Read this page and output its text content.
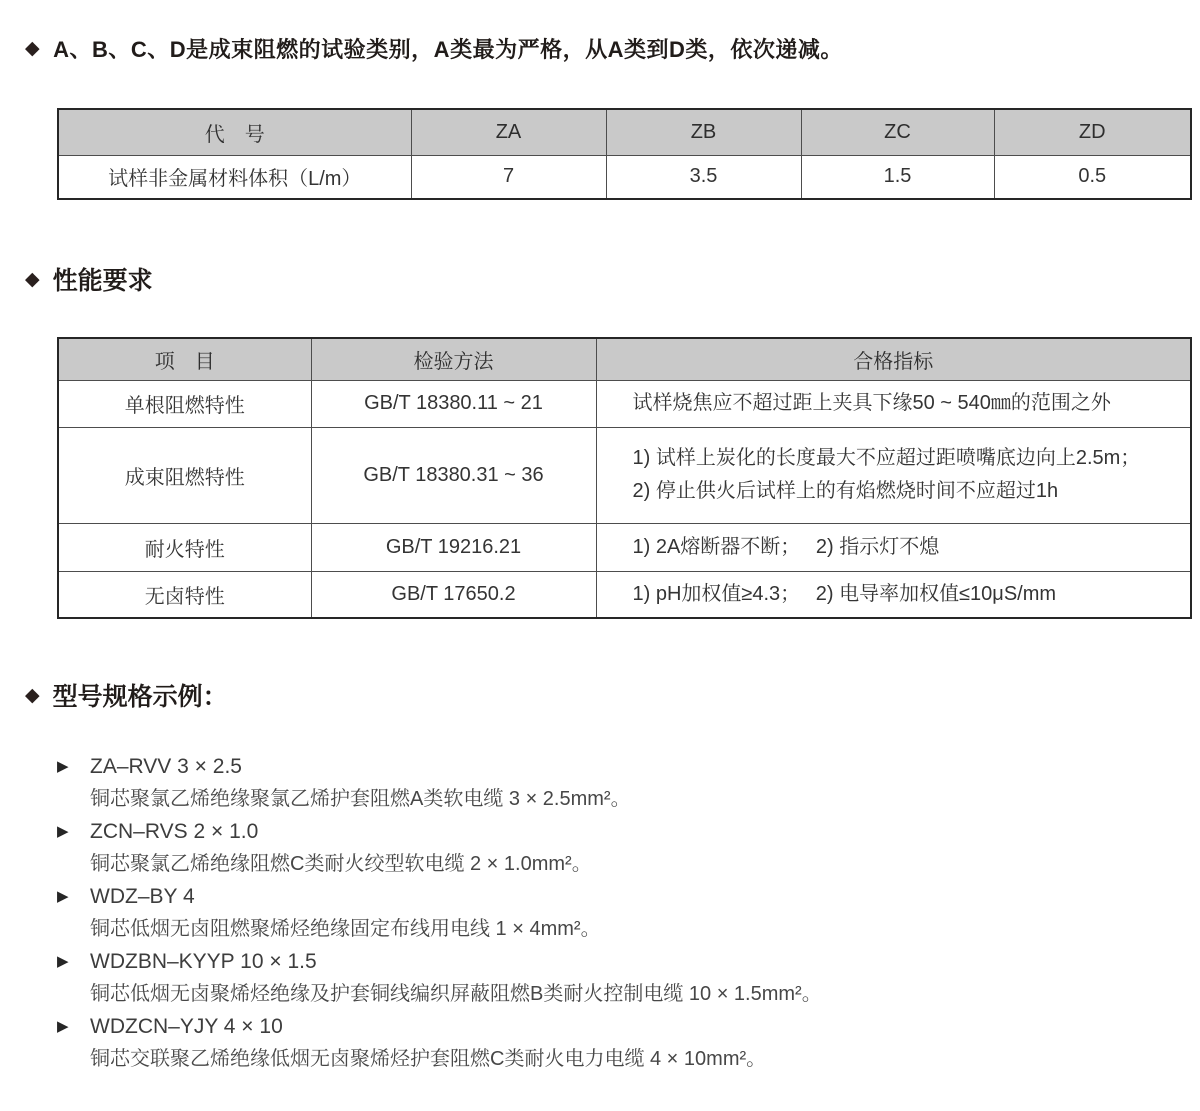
◆ A、B、C、D是成束阻燃的试验类别，A类最为严格，从A类到D类，依次递减。
代　号	ZA	ZB	ZC	ZD
试样非金属材料体积（L/m）	7	3.5	1.5	0.5
◆ 性能要求
项　目	检验方法	合格指标
单根阻燃特性	GB/T 18380.11 ~ 21	试样烧焦应不超过距上夹具下缘50 ~ 540㎜的范围之外

成束阻燃特性	GB/T 18380.31 ~ 36	1) 试样上炭化的长度最大不应超过距喷嘴底边向上2.5m；
2) 停止供火后试样上的有焰燃烧时间不应超过1h

耐火特性	GB/T 19216.21	1) 2A熔断器不断；　 2) 指示灯不熄

无卤特性	GB/T 17650.2	1) pH加权值≥4.3；　 2) 电导率加权值≤10μS/mm
◆ 型号规格示例：
▶	ZA–RVV 3 × 2.5
铜芯聚氯乙烯绝缘聚氯乙烯护套阻燃A类软电缆 3 × 2.5mm²。
▶	ZCN–RVS 2 × 1.0
铜芯聚氯乙烯绝缘阻燃C类耐火绞型软电缆 2 × 1.0mm²。
▶	WDZ–BY 4
铜芯低烟无卤阻燃聚烯烃绝缘固定布线用电线 1 × 4mm²。
▶	WDZBN–KYYP 10 × 1.5
铜芯低烟无卤聚烯烃绝缘及护套铜线编织屏蔽阻燃B类耐火控制电缆 10 × 1.5mm²。
▶	WDZCN–YJY 4 × 10
铜芯交联聚乙烯绝缘低烟无卤聚烯烃护套阻燃C类耐火电力电缆 4 × 10mm²。
